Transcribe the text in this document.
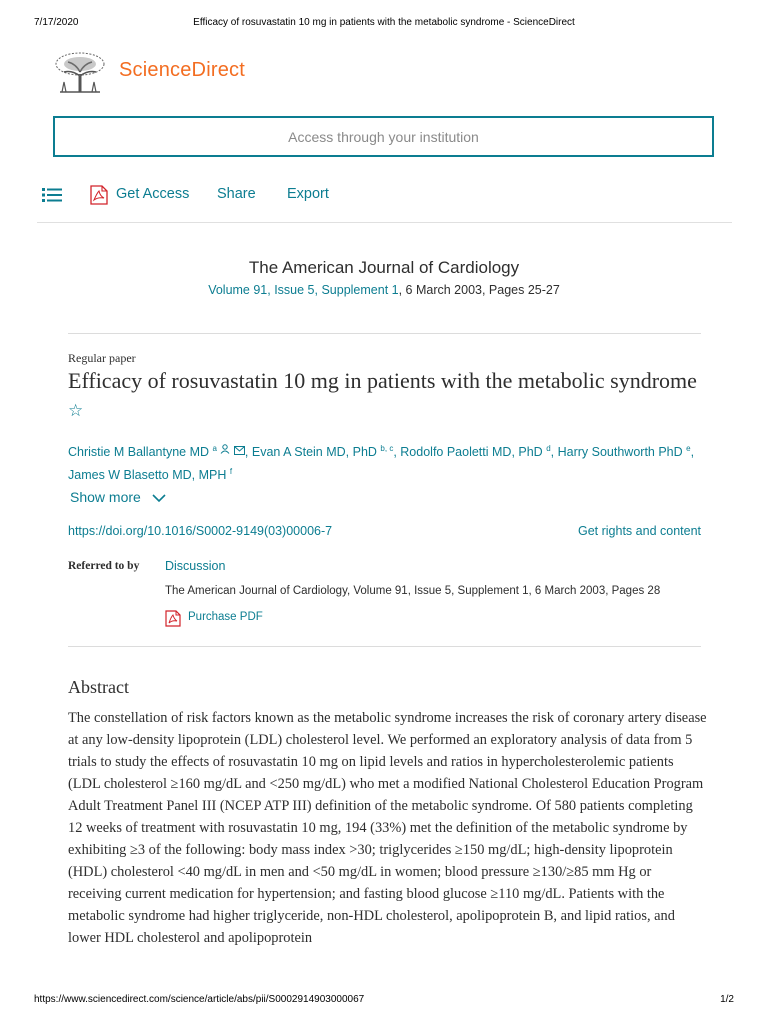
7/17/2020	Efficacy of rosuvastatin 10 mg in patients with the metabolic syndrome - ScienceDirect
ScienceDirect
Access through your institution
Get Access Share Export
The American Journal of Cardiology
Volume 91, Issue 5, Supplement 1, 6 March 2003, Pages 25-27
Regular paper
Efficacy of rosuvastatin 10 mg in patients with the metabolic syndrome ☆
Christie M Ballantyne MD $^a$ , Evan A Stein MD, PhD $^{b, c}$, Rodolfo Paoletti MD, PhD $^d$, Harry Southworth PhD $^e$,
James W Blasetto MD, MPH $^f$
Show more
https://doi.org/10.1016/S0002-9149(03)00006-7	Get rights and content
Referred to by Discussion
The American Journal of Cardiology, Volume 91, Issue 5, Supplement 1, 6 March 2003, Pages 28
Purchase PDF
Abstract
The constellation of risk factors known as the metabolic syndrome increases the risk of coronary artery disease at any low-density lipoprotein (LDL) cholesterol level. We performed an exploratory analysis of data from 5 trials to study the effects of rosuvastatin 10 mg on lipid levels and ratios in hypercholesterolemic patients (LDL cholesterol ≥160 mg/dL and <250 mg/dL) who met a modified National Cholesterol Education Program Adult Treatment Panel III (NCEP ATP III) definition of the metabolic syndrome. Of 580 patients completing 12 weeks of treatment with rosuvastatin 10 mg, 194 (33%) met the definition of the metabolic syndrome by exhibiting ≥3 of the following: body mass index >30; triglycerides ≥150 mg/dL; high-density lipoprotein (HDL) cholesterol <40 mg/dL in men and <50 mg/dL in women; blood pressure ≥130/≥85 mm Hg or receiving current medication for hypertension; and fasting blood glucose ≥110 mg/dL. Patients with the metabolic syndrome had higher triglyceride, non-HDL cholesterol, apolipoprotein B, and lipid ratios, and lower HDL cholesterol and apolipoprotein
https://www.sciencedirect.com/science/article/abs/pii/S0002914903000067	1/2
